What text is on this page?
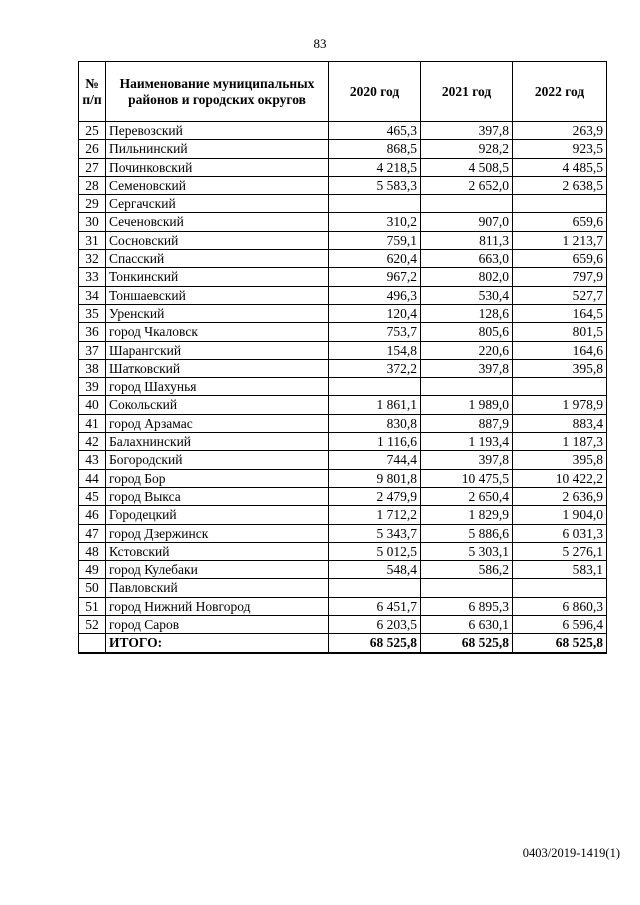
83
№ п/п	Наименование муниципальных районов и городских округов	2020 год	2021 год	2022 год
25	Перевозский	465,3	397,8	263,9
26	Пильнинский	868,5	928,2	923,5
27	Починковский	4 218,5	4 508,5	4 485,5
28	Семеновский	5 583,3	2 652,0	2 638,5
29	Сергачский			
30	Сеченовский	310,2	907,0	659,6
31	Сосновский	759,1	811,3	1 213,7
32	Спасский	620,4	663,0	659,6
33	Тонкинский	967,2	802,0	797,9
34	Тоншаевский	496,3	530,4	527,7
35	Уренский	120,4	128,6	164,5
36	город Чкаловск	753,7	805,6	801,5
37	Шарангский	154,8	220,6	164,6
38	Шатковский	372,2	397,8	395,8
39	город Шахунья			
40	Сокольский	1 861,1	1 989,0	1 978,9
41	город Арзамас	830,8	887,9	883,4
42	Балахнинский	1 116,6	1 193,4	1 187,3
43	Богородский	744,4	397,8	395,8
44	город Бор	9 801,8	10 475,5	10 422,2
45	город Выкса	2 479,9	2 650,4	2 636,9
46	Городецкий	1 712,2	1 829,9	1 904,0
47	город Дзержинск	5 343,7	5 886,6	6 031,3
48	Кстовский	5 012,5	5 303,1	5 276,1
49	город Кулебаки	548,4	586,2	583,1
50	Павловский			
51	город Нижний Новгород	6 451,7	6 895,3	6 860,3
52	город Саров	6 203,5	6 630,1	6 596,4
	ИТОГО:	68 525,8	68 525,8	68 525,8
0403/2019-1419(1)
